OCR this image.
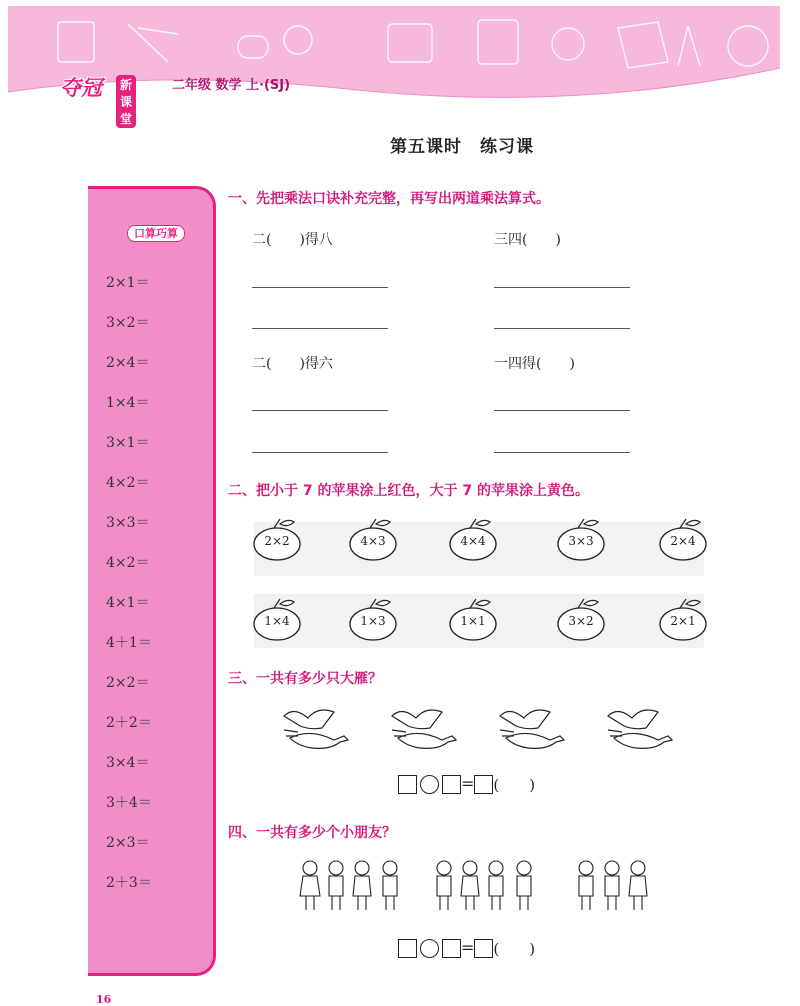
夺冠	新课堂
二年级 数学 上·(SJ)
第五课时　练习课
口算巧算
2×1＝
3×2＝
2×4＝
1×4＝
3×1＝
4×2＝
3×3＝
4×2＝
4×1＝
4＋1＝
2×2＝
2＋2＝
3×4＝
3＋4＝
2×3＝
2＋3＝
一、先把乘法口诀补充完整，再写出两道乘法算式。
二(　　)得八	三四(　　)
二(　　)得六	一四得(　　)
二、把小于 7 的苹果涂上红色，大于 7 的苹果涂上黄色。
2×2	4×3	4×4	3×3	2×4
1×4	1×3	1×1	3×2	2×1
三、一共有多少只大雁？
= (　　)
四、一共有多少个小朋友？
= (　　)
16
